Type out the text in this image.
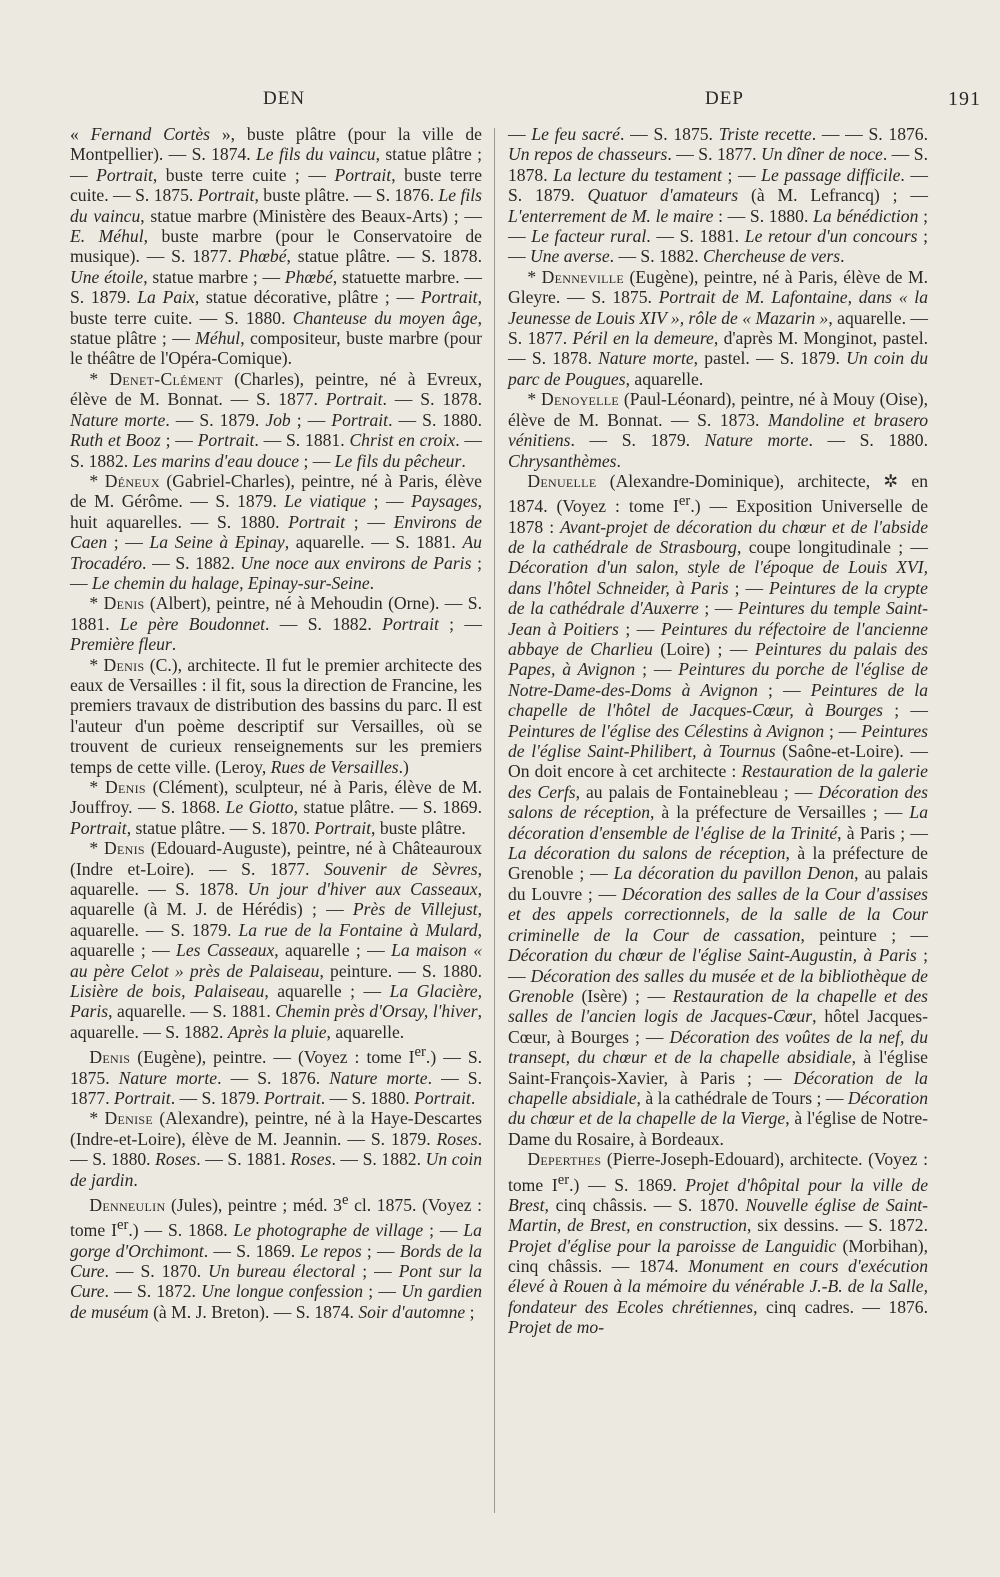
DEN	DEP	191

« Fernand Cortès », buste plâtre (pour la ville de Montpellier). — S. 1874. Le fils du vaincu, statue plâtre ; — Portrait, buste terre cuite ; — Portrait, buste terre cuite. — S. 1875. Portrait, buste plâtre. — S. 1876. Le fils du vaincu, statue marbre (Ministère des Beaux-Arts) ; — E. Méhul, buste marbre (pour le Conservatoire de musique). — S. 1877. Phœbé, statue plâtre. — S. 1878. Une étoile, statue marbre ; — Phœbé, statuette marbre. — S. 1879. La Paix, statue décorative, plâtre ; — Portrait, buste terre cuite. — S. 1880. Chanteuse du moyen âge, statue plâtre ; — Méhul, compositeur, buste marbre (pour le théâtre de l'Opéra-Comique).

* Denet-Clément (Charles), peintre, né à Evreux, élève de M. Bonnat. — S. 1877. Portrait. — S. 1878. Nature morte. — S. 1879. Job ; — Portrait. — S. 1880. Ruth et Booz ; — Portrait. — S. 1881. Christ en croix. — S. 1882. Les marins d'eau douce ; — Le fils du pêcheur.

* Déneux (Gabriel-Charles), peintre, né à Paris, élève de M. Gérôme. — S. 1879. Le viatique ; — Paysages, huit aquarelles. — S. 1880. Portrait ; — Environs de Caen ; — La Seine à Epinay, aquarelle. — S. 1881. Au Trocadéro. — S. 1882. Une noce aux environs de Paris ; — Le chemin du halage, Epinay-sur-Seine.

* Denis (Albert), peintre, né à Mehoudin (Orne). — S. 1881. Le père Boudonnet. — S. 1882. Portrait ; — Première fleur.

* Denis (C.), architecte. Il fut le premier architecte des eaux de Versailles : il fit, sous la direction de Francine, les premiers travaux de distribution des bassins du parc. Il est l'auteur d'un poème descriptif sur Versailles, où se trouvent de curieux renseignements sur les premiers temps de cette ville. (Leroy, Rues de Versailles.)

* Denis (Clément), sculpteur, né à Paris, élève de M. Jouffroy. — S. 1868. Le Giotto, statue plâtre. — S. 1869. Portrait, statue plâtre. — S. 1870. Portrait, buste plâtre.

* Denis (Edouard-Auguste), peintre, né à Châteauroux (Indre et-Loire). — S. 1877. Souvenir de Sèvres, aquarelle. — S. 1878. Un jour d'hiver aux Casseaux, aquarelle (à M. J. de Hérédis) ; — Près de Villejust, aquarelle. — S. 1879. La rue de la Fontaine à Mulard, aquarelle ; — Les Casseaux, aquarelle ; — La maison « au père Celot » près de Palaiseau, peinture. — S. 1880. Lisière de bois, Palaiseau, aquarelle ; — La Glacière, Paris, aquarelle. — S. 1881. Chemin près d'Orsay, l'hiver, aquarelle. — S. 1882. Après la pluie, aquarelle.

Denis (Eugène), peintre. — (Voyez : tome Ier.) — S. 1875. Nature morte. — S. 1876. Nature morte. — S. 1877. Portrait. — S. 1879. Portrait. — S. 1880. Portrait.

* Denise (Alexandre), peintre, né à la Haye-Descartes (Indre-et-Loire), élève de M. Jeannin. — S. 1879. Roses. — S. 1880. Roses. — S. 1881. Roses. — S. 1882. Un coin de jardin.

Denneulin (Jules), peintre ; méd. 3e cl. 1875. (Voyez : tome Ier.) — S. 1868. Le photographe de village ; — La gorge d'Orchimont. — S. 1869. Le repos ; — Bords de la Cure. — S. 1870. Un bureau électoral ; — Pont sur la Cure. — S. 1872. Une longue confession ; — Un gardien de muséum (à M. J. Breton). — S. 1874. Soir d'automne ;

— Le feu sacré. — S. 1875. Triste recette. — — S. 1876. Un repos de chasseurs. — S. 1877. Un dîner de noce. — S. 1878. La lecture du testament ; — Le passage difficile. — S. 1879. Quatuor d'amateurs (à M. Lefrancq) ; — L'enterrement de M. le maire : — S. 1880. La bénédiction ; — Le facteur rural. — S. 1881. Le retour d'un concours ; — Une averse. — S. 1882. Chercheuse de vers.

* Denneville (Eugène), peintre, né à Paris, élève de M. Gleyre. — S. 1875. Portrait de M. Lafontaine, dans « la Jeunesse de Louis XIV », rôle de « Mazarin », aquarelle. — S. 1877. Péril en la demeure, d'après M. Monginot, pastel. — S. 1878. Nature morte, pastel. — S. 1879. Un coin du parc de Pougues, aquarelle.

* Denoyelle (Paul-Léonard), peintre, né à Mouy (Oise), élève de M. Bonnat. — S. 1873. Mandoline et brasero vénitiens. — S. 1879. Nature morte. — S. 1880. Chrysanthèmes.

Denuelle (Alexandre-Dominique), architecte, ✲ en 1874. (Voyez : tome Ier.) — Exposition Universelle de 1878 : Avant-projet de décoration du chœur et de l'abside de la cathédrale de Strasbourg, coupe longitudinale ; — Décoration d'un salon, style de l'époque de Louis XVI, dans l'hôtel Schneider, à Paris ; — Peintures de la crypte de la cathédrale d'Auxerre ; — Peintures du temple Saint-Jean à Poitiers ; — Peintures du réfectoire de l'ancienne abbaye de Charlieu (Loire) ; — Peintures du palais des Papes, à Avignon ; — Peintures du porche de l'église de Notre-Dame-des-Doms à Avignon ; — Peintures de la chapelle de l'hôtel de Jacques-Cœur, à Bourges ; — Peintures de l'église des Célestins à Avignon ; — Peintures de l'église Saint-Philibert, à Tournus (Saône-et-Loire). — On doit encore à cet architecte : Restauration de la galerie des Cerfs, au palais de Fontainebleau ; — Décoration des salons de réception, à la préfecture de Versailles ; — La décoration d'ensemble de l'église de la Trinité, à Paris ; — La décoration du salons de réception, à la préfecture de Grenoble ; — La décoration du pavillon Denon, au palais du Louvre ; — Décoration des salles de la Cour d'assises et des appels correctionnels, de la salle de la Cour criminelle de la Cour de cassation, peinture ; — Décoration du chœur de l'église Saint-Augustin, à Paris ; — Décoration des salles du musée et de la bibliothèque de Grenoble (Isère) ; — Restauration de la chapelle et des salles de l'ancien logis de Jacques-Cœur, hôtel Jacques-Cœur, à Bourges ; — Décoration des voûtes de la nef, du transept, du chœur et de la chapelle absidiale, à l'église Saint-François-Xavier, à Paris ; — Décoration de la chapelle absidiale, à la cathédrale de Tours ; — Décoration du chœur et de la chapelle de la Vierge, à l'église de Notre-Dame du Rosaire, à Bordeaux.

Deperthes (Pierre-Joseph-Edouard), architecte. (Voyez : tome Ier.) — S. 1869. Projet d'hôpital pour la ville de Brest, cinq châssis. — S. 1870. Nouvelle église de Saint-Martin, de Brest, en construction, six dessins. — S. 1872. Projet d'église pour la paroisse de Languidic (Morbihan), cinq châssis. — 1874. Monument en cours d'exécution élevé à Rouen à la mémoire du vénérable J.-B. de la Salle, fondateur des Ecoles chrétiennes, cinq cadres. — 1876. Projet de mo-
